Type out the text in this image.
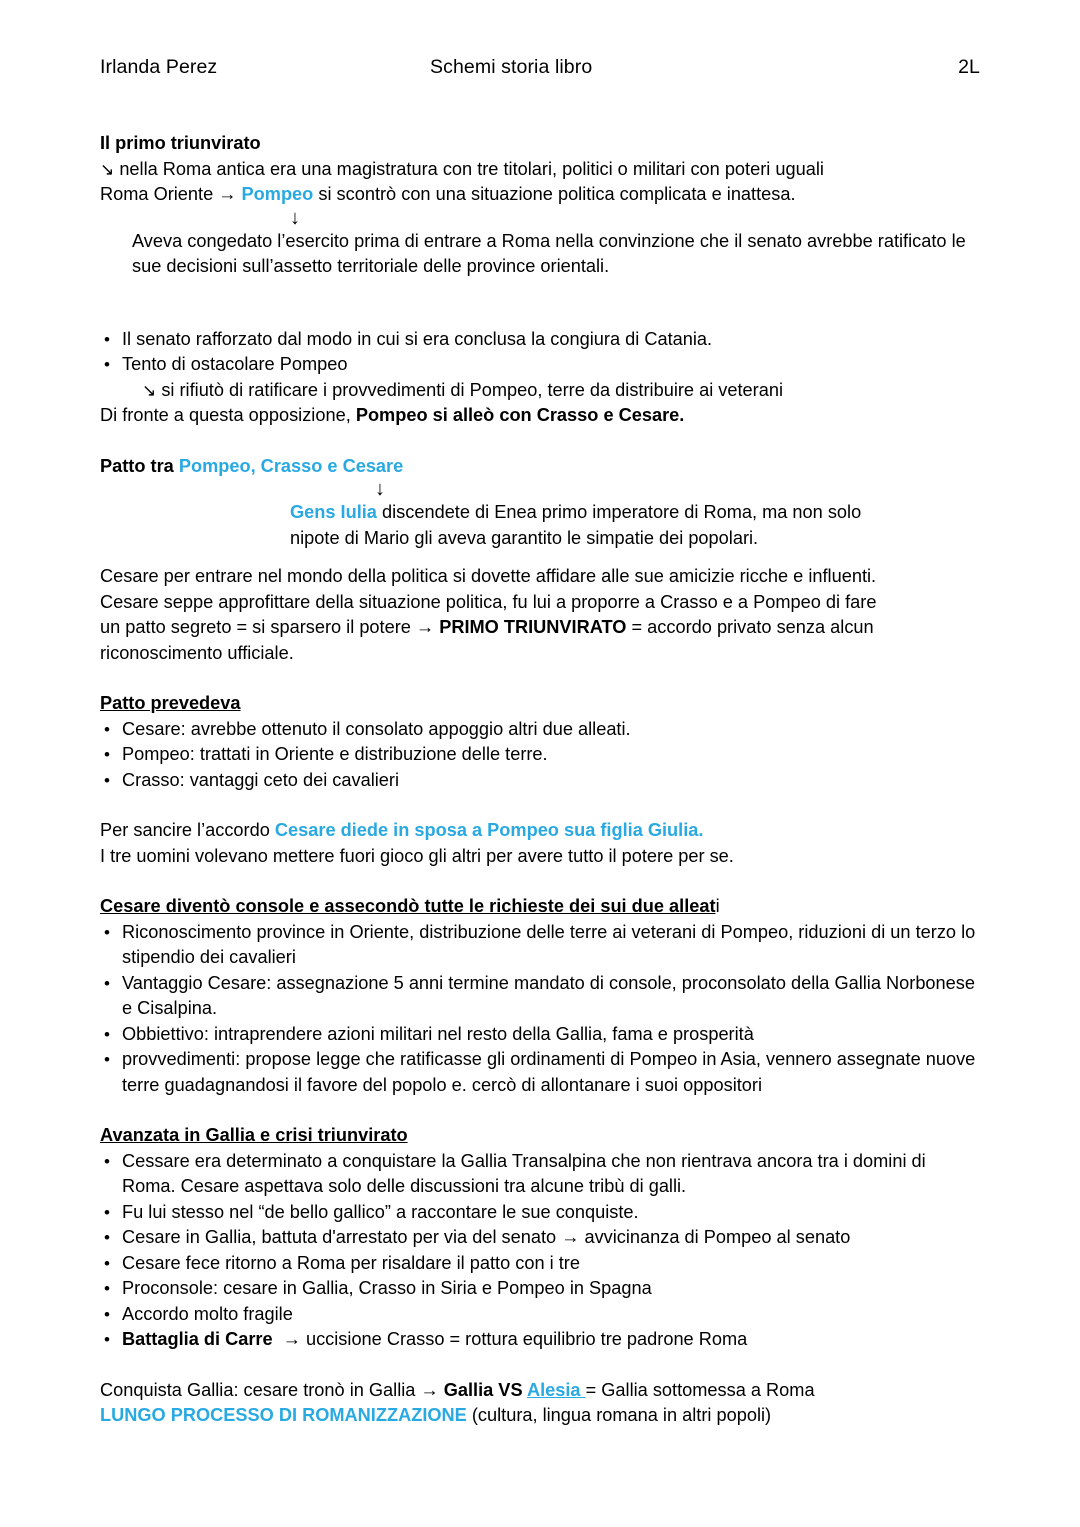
Irlanda Perez	Schemi storia libro	2L
Il primo triunvirato
↘ nella Roma antica era una magistratura con tre titolari, politici o militari con poteri uguali
Roma Oriente → Pompeo si scontrò con una situazione politica complicata e inattesa.
↓
Aveva congedato l’esercito prima di entrare a Roma nella convinzione che il senato avrebbe ratificato le sue decisioni sull’assetto territoriale delle province orientali.
• Il senato rafforzato dal modo in cui si era conclusa la congiura di Catania.
• Tento di ostacolare Pompeo
↘ si rifiutò di ratificare i provvedimenti di Pompeo, terre da distribuire ai veterani
Di fronte a questa opposizione, Pompeo si alleò con Crasso e Cesare.
Patto tra Pompeo, Crasso e Cesare
↓
Gens Iulia discendete di Enea primo imperatore di Roma, ma non solo
nipote di Mario gli aveva garantito le simpatie dei popolari.
Cesare per entrare nel mondo della politica si dovette affidare alle sue amicizie ricche e influenti.
Cesare seppe approfittare della situazione politica, fu lui a proporre a Crasso e a Pompeo di fare
un patto segreto = si sparsero il potere → PRIMO TRIUNVIRATO = accordo privato senza alcun
riconoscimento ufficiale.
Patto prevedeva
• Cesare: avrebbe ottenuto il consolato appoggio altri due alleati.
• Pompeo: trattati in Oriente e distribuzione delle terre.
• Crasso: vantaggi ceto dei cavalieri
Per sancire l’accordo Cesare diede in sposa a Pompeo sua figlia Giulia.
I tre uomini volevano mettere fuori gioco gli altri per avere tutto il potere per se.
Cesare diventò console e assecondò tutte le richieste dei sui due alleati
• Riconoscimento province in Oriente, distribuzione delle terre ai veterani di Pompeo, riduzioni di un terzo lo stipendio dei cavalieri
• Vantaggio Cesare: assegnazione 5 anni termine mandato di console, proconsolato della Gallia Norbonese e Cisalpina.
• Obbiettivo: intraprendere azioni militari nel resto della Gallia, fama e prosperità
• provvedimenti: propose legge che ratificasse gli ordinamenti di Pompeo in Asia, vennero assegnate nuove terre guadagnandosi il favore del popolo e. cercò di allontanare i suoi oppositori
Avanzata in Gallia e crisi triunvirato
• Cessare era determinato a conquistare la Gallia Transalpina che non rientrava ancora tra i domini di Roma. Cesare aspettava solo delle discussioni tra alcune tribù di galli.
• Fu lui stesso nel “de bello gallico” a raccontare le sue conquiste.
• Cesare in Gallia, battuta d'arrestato per via del senato → avvicinanza di Pompeo al senato
• Cesare fece ritorno a Roma per risaldare il patto con i tre
• Proconsole: cesare in Gallia, Crasso in Siria e Pompeo in Spagna
• Accordo molto fragile
• Battaglia di Carre → uccisione Crasso = rottura equilibrio tre padrone Roma
Conquista Gallia: cesare tronò in Gallia → Gallia VS Alesia = Gallia sottomessa a Roma
LUNGO PROCESSO DI ROMANIZZAZIONE (cultura, lingua romana in altri popoli)
